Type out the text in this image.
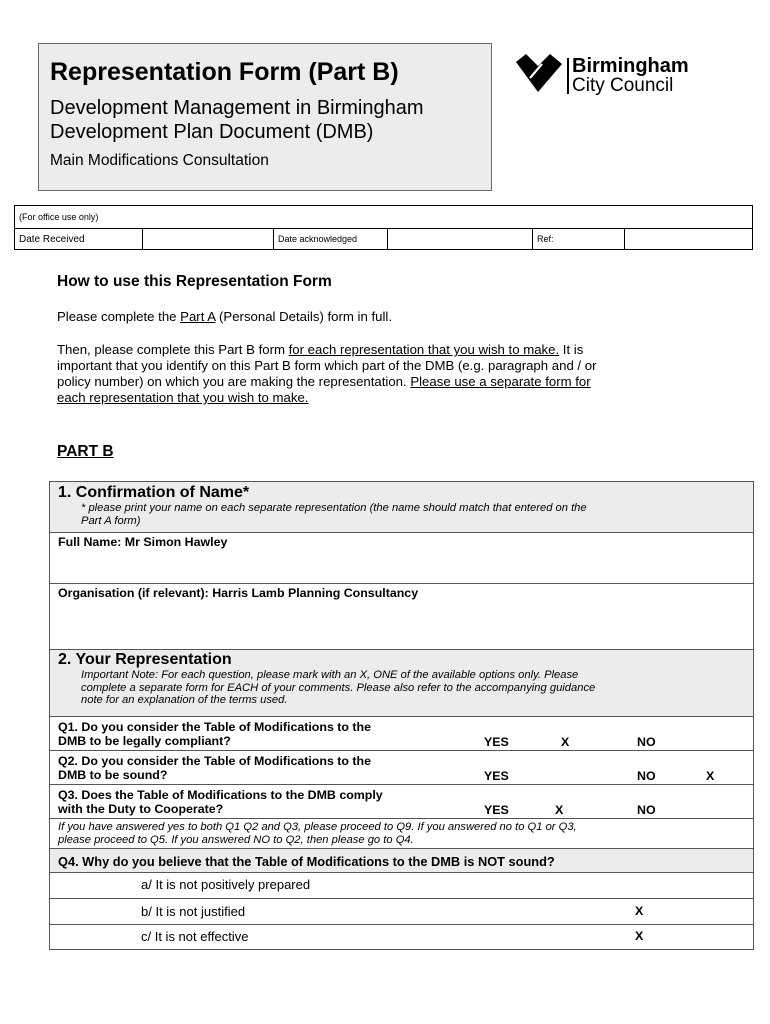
Representation Form (Part B)
Development Management in Birmingham
Development Plan Document (DMB)
Main Modifications Consultation
Birmingham
City Council
(For office use only)
Date Received		Date acknowledged		Ref:	
How to use this Representation Form
Please complete the Part A (Personal Details) form in full.
Then, please complete this Part B form for each representation that you wish to make. It is
important that you identify on this Part B form which part of the DMB (e.g. paragraph and / or
policy number) on which you are making the representation. Please use a separate form for
each representation that you wish to make.
PART B
1. Confirmation of Name*
* please print your name on each separate representation (the name should match that entered on the
Part A form)
Full Name: Mr Simon Hawley
Organisation (if relevant): Harris Lamb Planning Consultancy
2. Your Representation
Important Note: For each question, please mark with an X, ONE of the available options only. Please
complete a separate form for EACH of your comments. Please also refer to the accompanying guidance
note for an explanation of the terms used.
Q1. Do you consider the Table of Modifications to the
DMB to be legally compliant?	YES	X	NO
Q2. Do you consider the Table of Modifications to the
DMB to be sound?	YES	NO	X
Q3. Does the Table of Modifications to the DMB comply
with the Duty to Cooperate?	YES	X	NO
If you have answered yes to both Q1 Q2 and Q3, please proceed to Q9. If you answered no to Q1 or Q3,
please proceed to Q5. If you answered NO to Q2, then please go to Q4.
Q4. Why do you believe that the Table of Modifications to the DMB is NOT sound?
a/ It is not positively prepared
b/ It is not justified	X
c/ It is not effective	X
